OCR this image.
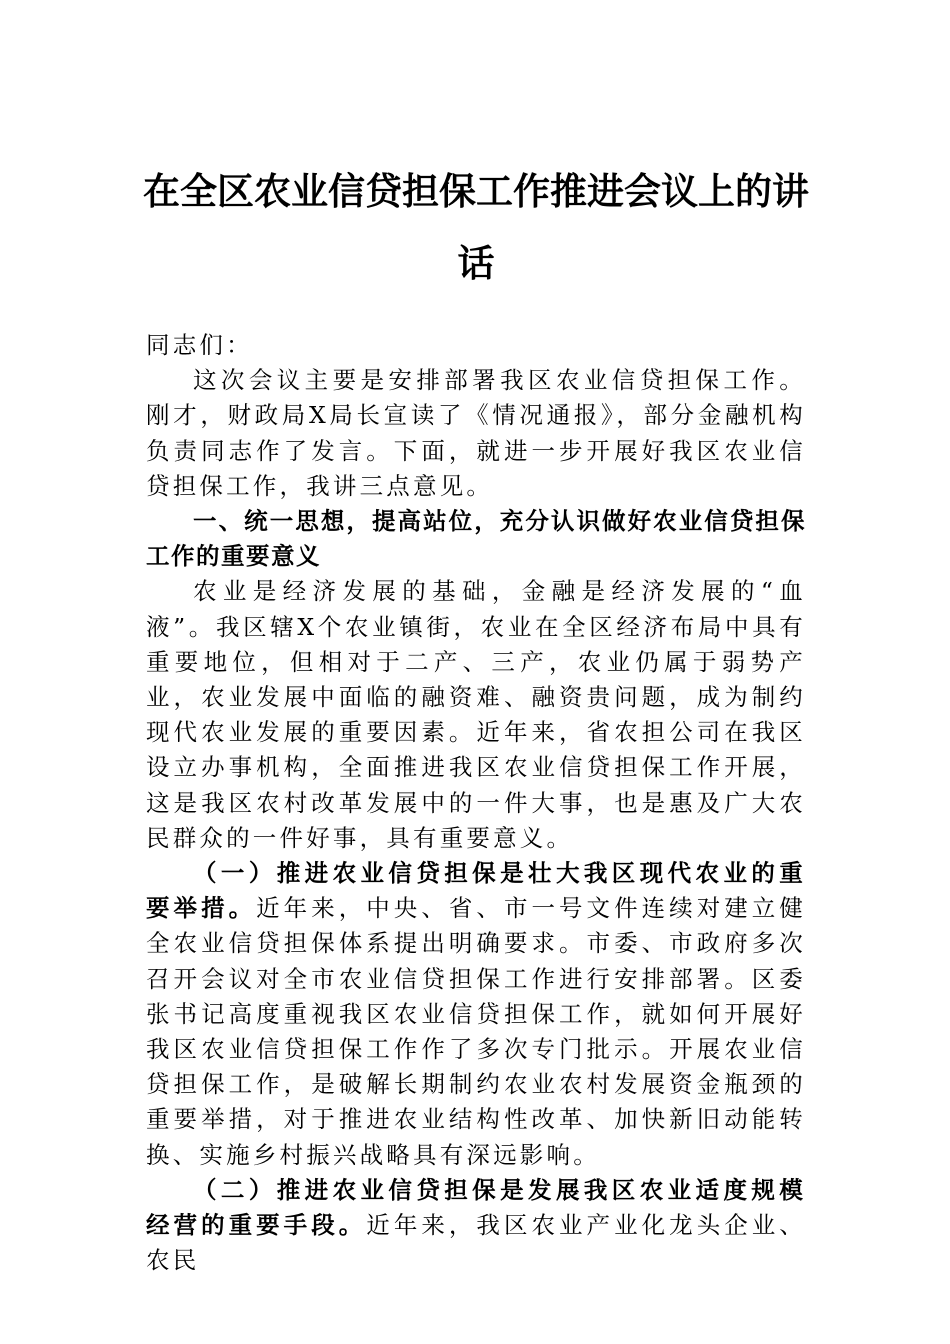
在全区农业信贷担保工作推进会议上的讲话

同志们：

这次会议主要是安排部署我区农业信贷担保工作。刚才，财政局X局长宣读了《情况通报》，部分金融机构负责同志作了发言。下面，就进一步开展好我区农业信贷担保工作，我讲三点意见。

一、统一思想，提高站位，充分认识做好农业信贷担保工作的重要意义

农业是经济发展的基础，金融是经济发展的“血液”。我区辖X个农业镇街，农业在全区经济布局中具有重要地位，但相对于二产、三产，农业仍属于弱势产业，农业发展中面临的融资难、融资贵问题，成为制约现代农业发展的重要因素。近年来，省农担公司在我区设立办事机构，全面推进我区农业信贷担保工作开展，这是我区农村改革发展中的一件大事，也是惠及广大农民群众的一件好事，具有重要意义。

（一）推进农业信贷担保是壮大我区现代农业的重要举措。近年来，中央、省、市一号文件连续对建立健全农业信贷担保体系提出明确要求。市委、市政府多次召开会议对全市农业信贷担保工作进行安排部署。区委张书记高度重视我区农业信贷担保工作，就如何开展好我区农业信贷担保工作作了多次专门批示。开展农业信贷担保工作，是破解长期制约农业农村发展资金瓶颈的重要举措，对于推进农业结构性改革、加快新旧动能转换、实施乡村振兴战略具有深远影响。

（二）推进农业信贷担保是发展我区农业适度规模经营的重要手段。近年来，我区农业产业化龙头企业、农民
